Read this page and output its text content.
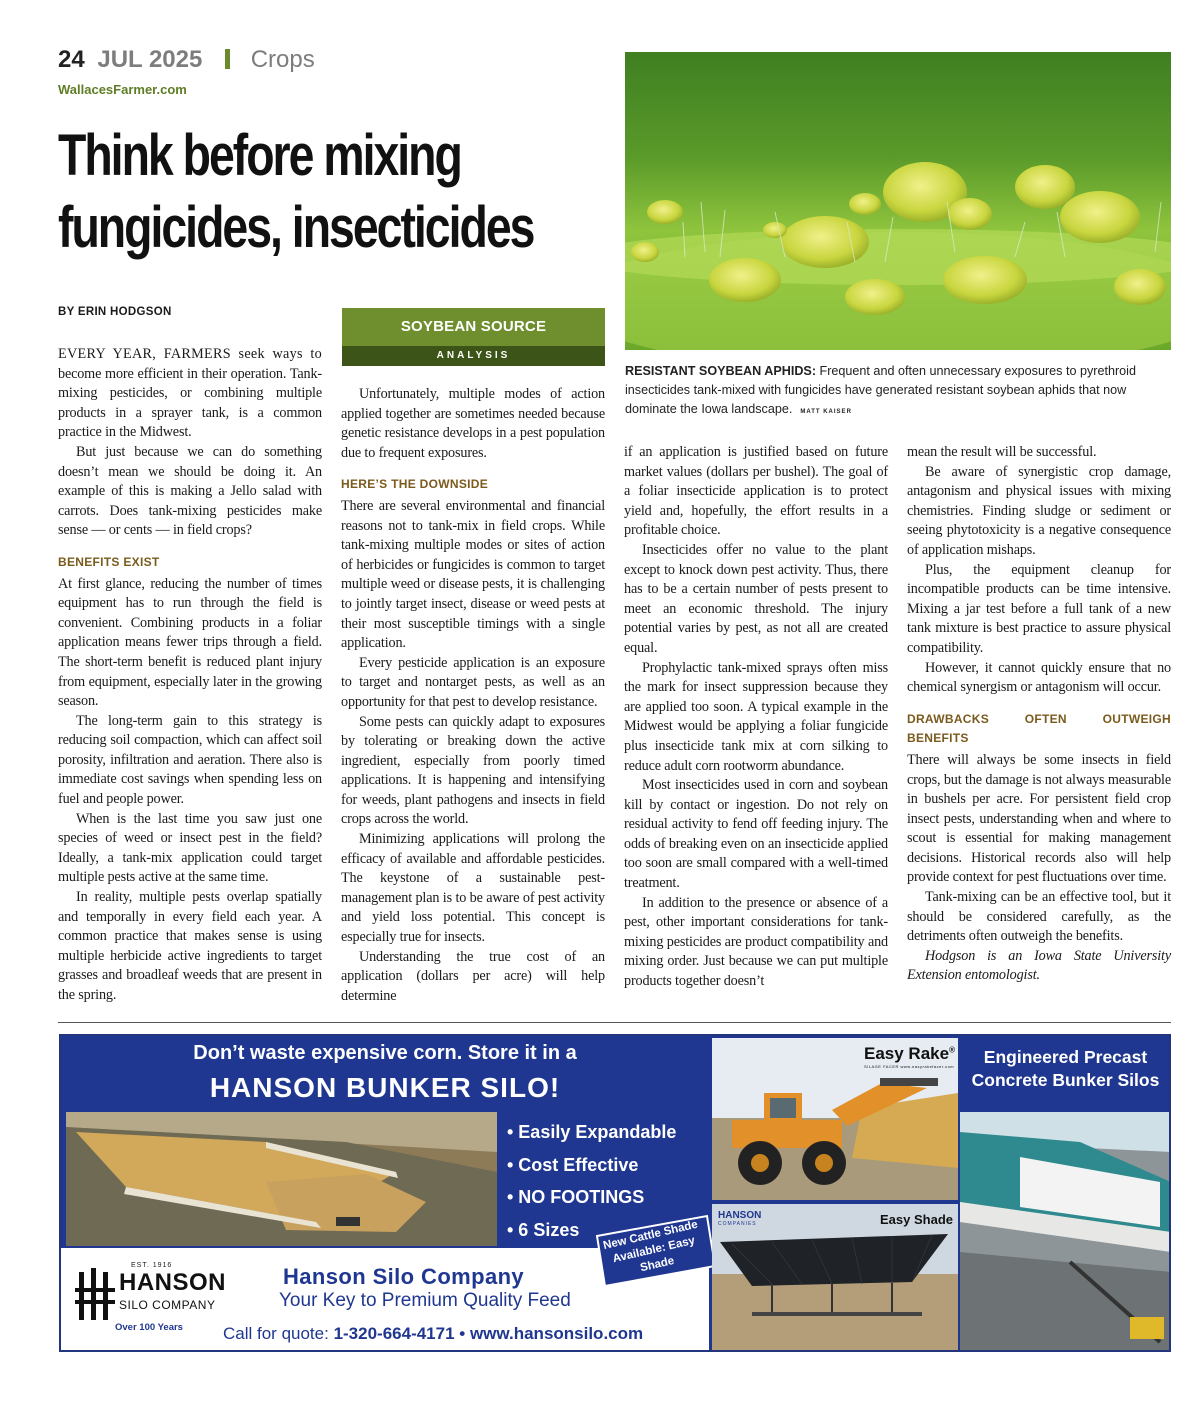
24 JUL 2025 Crops
WallacesFarmer.com
Think before mixing
fungicides, insecticides

RESISTANT SOYBEAN APHIDS: Frequent and often unnecessary exposures to pyrethroid insecticides tank-mixed with fungicides have generated resistant soybean aphids that now dominate the Iowa landscape. MATT KAISER

BY ERIN HODGSON
SOYBEAN SOURCE
ANALYSIS

EVERY YEAR, FARMERS seek ways to become more efficient in their operation. Tank-mixing pesticides, or combining multiple products in a sprayer tank, is a common practice in the Midwest.

But just because we can do something doesn’t mean we should be doing it. An example of this is making a Jello salad with carrots. Does tank-mixing pesticides make sense — or cents — in field crops?

BENEFITS EXIST

At first glance, reducing the number of times equipment has to run through the field is convenient. Combining products in a foliar application means fewer trips through a field. The short-term benefit is reduced plant injury from equipment, especially later in the growing season.

The long-term gain to this strategy is reducing soil compaction, which can affect soil porosity, infiltration and aeration. There also is immediate cost savings when spending less on fuel and people power.

When is the last time you saw just one species of weed or insect pest in the field? Ideally, a tank-mix application could target multiple pests active at the same time.

In reality, multiple pests overlap spatially and temporally in every field each year. A common practice that makes sense is using multiple herbicide active ingredients to target grasses and broadleaf weeds that are present in the spring.

Unfortunately, multiple modes of action applied together are sometimes needed because genetic resistance develops in a pest population due to frequent exposures.

HERE’S THE DOWNSIDE

There are several environmental and financial reasons not to tank-mix in field crops. While tank-mixing multiple modes or sites of action of herbicides or fungicides is common to target multiple weed or disease pests, it is challenging to jointly target insect, disease or weed pests at their most susceptible timings with a single application.

Every pesticide application is an exposure to target and nontarget pests, as well as an opportunity for that pest to develop resistance.

Some pests can quickly adapt to exposures by tolerating or breaking down the active ingredient, especially from poorly timed applications. It is happening and intensifying for weeds, plant pathogens and insects in field crops across the world.

Minimizing applications will prolong the efficacy of available and affordable pesticides. The keystone of a sustainable pest-management plan is to be aware of pest activity and yield loss potential. This concept is especially true for insects.

Understanding the true cost of an application (dollars per acre) will help determine

if an application is justified based on future market values (dollars per bushel). The goal of a foliar insecticide application is to protect yield and, hopefully, the effort results in a profitable choice.

Insecticides offer no value to the plant except to knock down pest activity. Thus, there has to be a certain number of pests present to meet an economic threshold. The injury potential varies by pest, as not all are created equal.

Prophylactic tank-mixed sprays often miss the mark for insect suppression because they are applied too soon. A typical example in the Midwest would be applying a foliar fungicide plus insecticide tank mix at corn silking to reduce adult corn rootworm abundance.

Most insecticides used in corn and soybean kill by contact or ingestion. Do not rely on residual activity to fend off feeding injury. The odds of breaking even on an insecticide applied too soon are small compared with a well-timed treatment.

In addition to the presence or absence of a pest, other important considerations for tank-mixing pesticides are product compatibility and mixing order. Just because we can put multiple products together doesn’t

mean the result will be successful.

Be aware of synergistic crop damage, antagonism and physical issues with mixing chemistries. Finding sludge or sediment or seeing phytotoxicity is a negative consequence of application mishaps.

Plus, the equipment cleanup for incompatible products can be time intensive. Mixing a jar test before a full tank of a new tank mixture is best practice to assure physical compatibility.

However, it cannot quickly ensure that no chemical synergism or antagonism will occur.

DRAWBACKS OFTEN OUTWEIGH BENEFITS

There will always be some insects in field crops, but the damage is not always measurable in bushels per acre. For persistent field crop insect pests, understanding when and where to scout is essential for making management decisions. Historical records also will help provide context for pest fluctuations over time.

Tank-mixing can be an effective tool, but it should be considered carefully, as the detriments often outweigh the benefits.

Hodgson is an Iowa State University Extension entomologist.

Don’t waste expensive corn. Store it in a
HANSON BUNKER SILO!
• Easily Expandable
• Cost Effective
• NO FOOTINGS
• 6 Sizes
EST. 1916
HANSON
SILO COMPANY
Over 100 Years
Hanson Silo Company
Your Key to Premium Quality Feed
Call for quote: 1-320-664-4171 • www.hansonsilo.com
New Cattle Shade Available: Easy Shade
Easy Rake®
SILAGE FACER www.easyrakefacer.com
HANSON
COMPANIES	Easy Shade
Engineered Precast Concrete Bunker Silos
